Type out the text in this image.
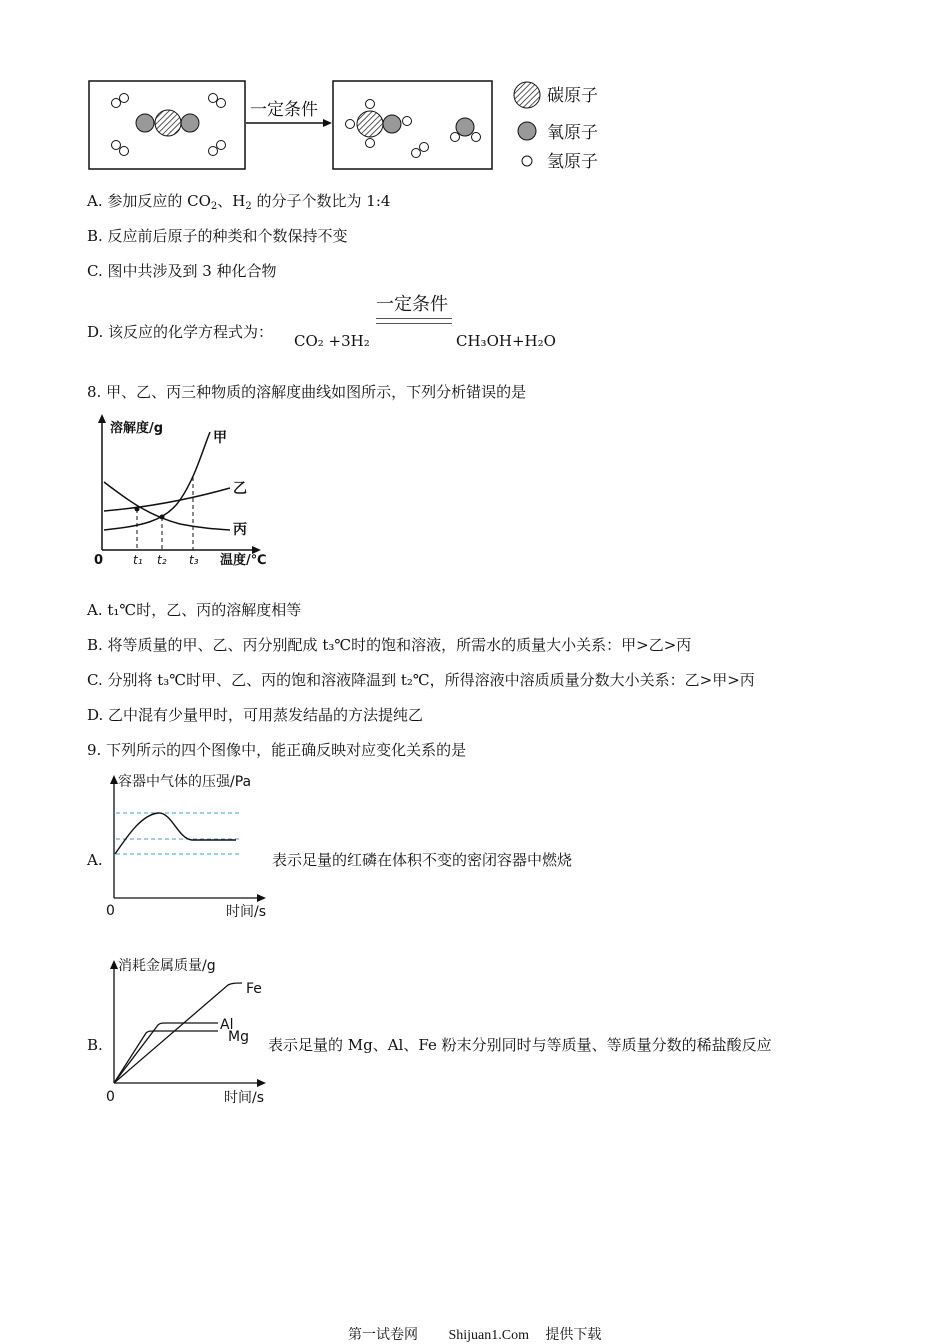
一定条件
碳原子
氧原子
氢原子
A. 参加反应的 $CO_2$、$H_2$ 的分子个数比为 1:4
B. 反应前后原子的种类和个数保持不变
C. 图中共涉及到 3 种化合物
D. 该反应的化学方程式为：
一定条件
CO₂ +3H₂	CH₃OH+H₂O
8. 甲、乙、丙三种物质的溶解度曲线如图所示，下列分析错误的是
溶解度/g
温度/℃
0 t₁ t₂ t₃
甲
乙
丙
A. t₁℃时，乙、丙的溶解度相等
B. 将等质量的甲、乙、丙分别配成 t₃℃时的饱和溶液，所需水的质量大小关系：甲>乙>丙
C. 分别将 t₃℃时甲、乙、丙的饱和溶液降温到 t₂℃，所得溶液中溶质质量分数大小关系：乙>甲>丙
D. 乙中混有少量甲时，可用蒸发结晶的方法提纯乙
9. 下列所示的四个图像中，能正确反映对应变化关系的是
A.
容器中气体的压强/Pa
时间/s
0
表示足量的红磷在体积不变的密闭容器中燃烧
B.
消耗金属质量/g
时间/s
0
Fe
Al
Mg 表示足量的 Mg、Al、Fe 粉末分别同时与等质量、等质量分数的稀盐酸反应
第一试卷网 Shijuan1.Com 提供下载
